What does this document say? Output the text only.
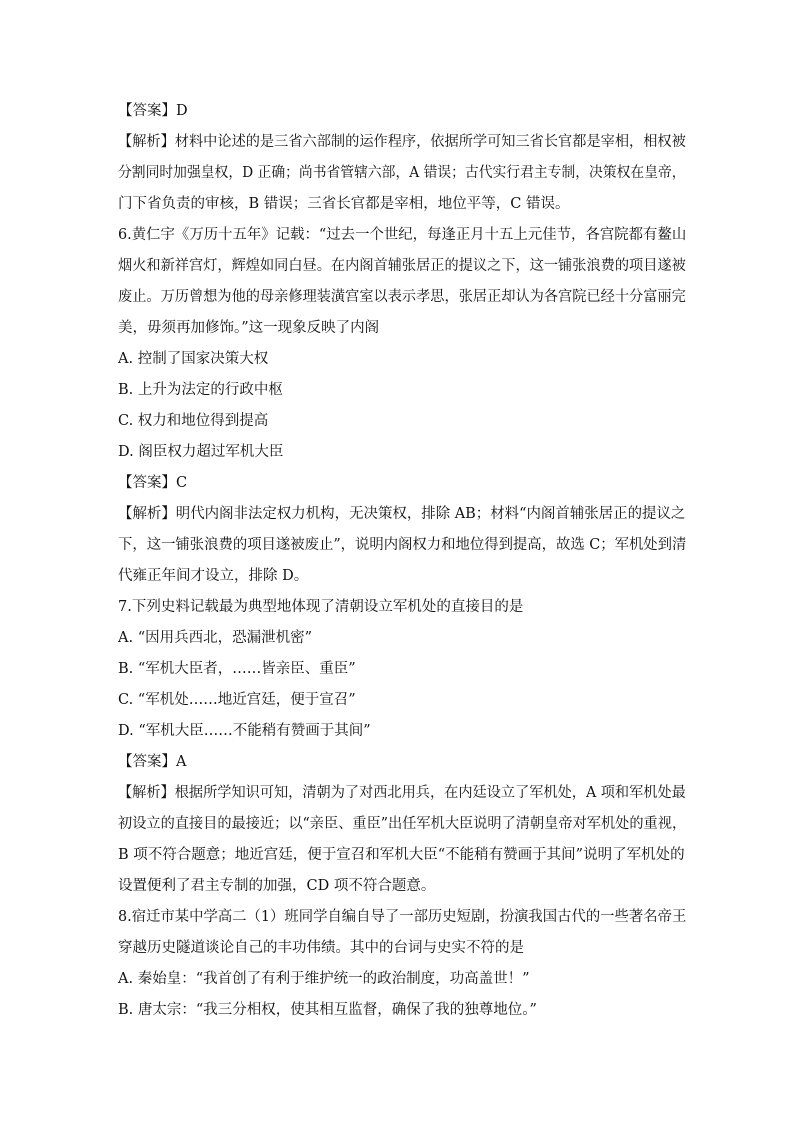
【答案】D
【解析】材料中论述的是三省六部制的运作程序，依据所学可知三省长官都是宰相，相权被
分割同时加强皇权，D 正确；尚书省管辖六部，A 错误；古代实行君主专制，决策权在皇帝，
门下省负责的审核，B 错误；三省长官都是宰相，地位平等，C 错误。
6.黄仁宇《万历十五年》记载：“过去一个世纪，每逢正月十五上元佳节，各宫院都有鳌山
烟火和新祥宫灯，辉煌如同白昼。在内阁首辅张居正的提议之下，这一铺张浪费的项目遂被
废止。万历曾想为他的母亲修理装潢宫室以表示孝思，张居正却认为各宫院已经十分富丽完
美，毋须再加修饰。”这一现象反映了内阁
A. 控制了国家决策大权
B. 上升为法定的行政中枢
C. 权力和地位得到提高
D. 阁臣权力超过军机大臣
【答案】C
【解析】明代内阁非法定权力机构，无决策权，排除 AB；材料“内阁首辅张居正的提议之
下，这一铺张浪费的项目遂被废止”，说明内阁权力和地位得到提高，故选 C；军机处到清
代雍正年间才设立，排除 D。
7.下列史料记载最为典型地体现了清朝设立军机处的直接目的是
A. “因用兵西北，恐漏泄机密”
B. “军机大臣者，……皆亲臣、重臣”
C. “军机处……地近宫廷，便于宣召”
D. “军机大臣……不能稍有赞画于其间”
【答案】A
【解析】根据所学知识可知，清朝为了对西北用兵，在内廷设立了军机处，A 项和军机处最
初设立的直接目的最接近；以“亲臣、重臣”出任军机大臣说明了清朝皇帝对军机处的重视，
B 项不符合题意；地近宫廷，便于宣召和军机大臣“不能稍有赞画于其间”说明了军机处的
设置便利了君主专制的加强，CD 项不符合题意。
8.宿迁市某中学高二（1）班同学自编自导了一部历史短剧，扮演我国古代的一些著名帝王
穿越历史隧道谈论自己的丰功伟绩。其中的台词与史实不符的是
A. 秦始皇：“我首创了有利于维护统一的政治制度，功高盖世！”
B. 唐太宗：“我三分相权，使其相互监督，确保了我的独尊地位。”
